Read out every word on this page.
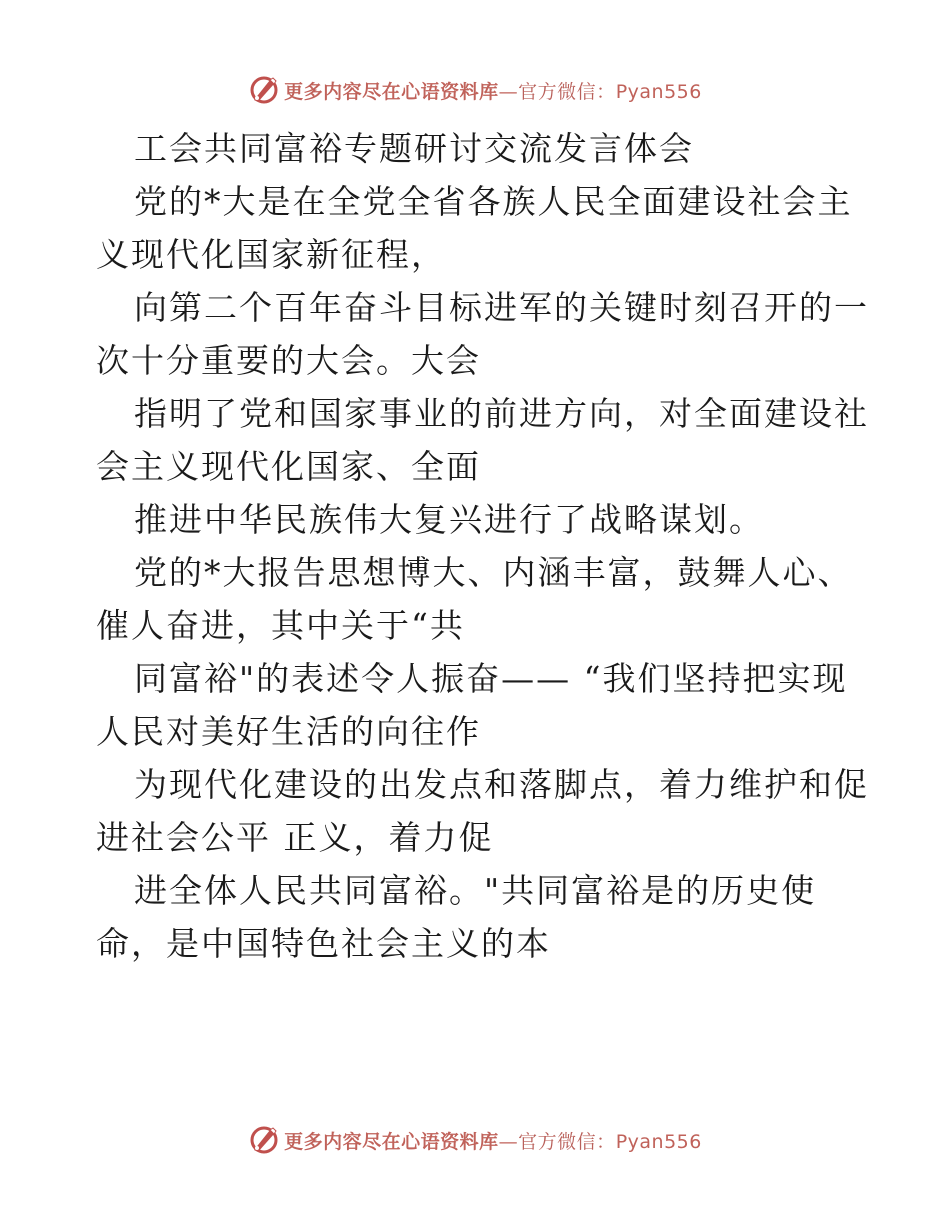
更多内容尽在心语资料库—官方微信：Pyan556
工会共同富裕专题研讨交流发言体会
党的*大是在全党全省各族人民全面建设社会主
义现代化国家新征程，
向第二个百年奋斗目标进军的关键时刻召开的一
次十分重要的大会。大会
指明了党和国家事业的前进方向，对全面建设社
会主义现代化国家、全面
推进中华民族伟大复兴进行了战略谋划。
党的*大报告思想博大、内涵丰富，鼓舞人心、
催人奋进，其中关于“共
同富裕"的表述令人振奋—— “我们坚持把实现
人民对美好生活的向往作
为现代化建设的出发点和落脚点，着力维护和促
进社会公平 正义，着力促
进全体人民共同富裕。"共同富裕是的历史使
命，是中国特色社会主义的本
更多内容尽在心语资料库—官方微信：Pyan556
